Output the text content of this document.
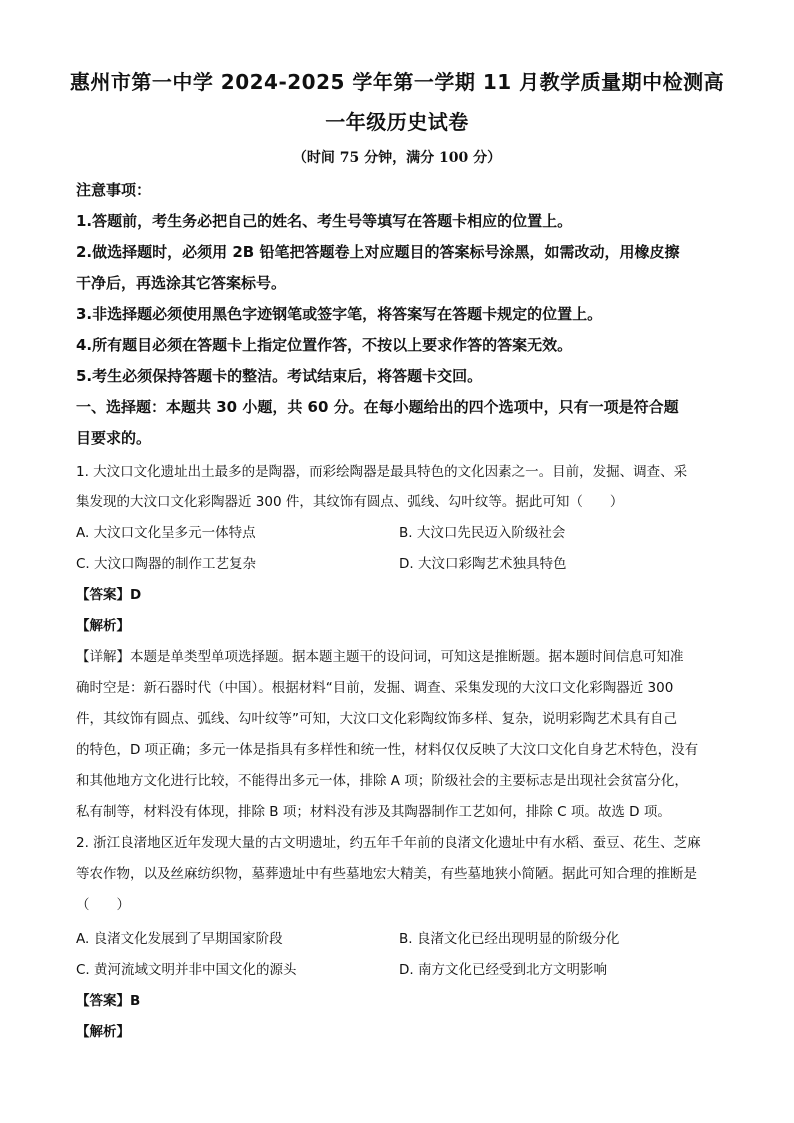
惠州市第一中学 2024-2025 学年第一学期 11 月教学质量期中检测高
一年级历史试卷
（时间 75 分钟，满分 100 分）
注意事项：
1.答题前，考生务必把自己的姓名、考生号等填写在答题卡相应的位置上。
2.做选择题时，必须用 2B 铅笔把答题卷上对应题目的答案标号涂黑，如需改动，用橡皮擦
干净后，再选涂其它答案标号。
3.非选择题必须使用黑色字迹钢笔或签字笔，将答案写在答题卡规定的位置上。
4.所有题目必须在答题卡上指定位置作答，不按以上要求作答的答案无效。
5.考生必须保持答题卡的整洁。考试结束后，将答题卡交回。
一、选择题：本题共 30 小题，共 60 分。在每小题给出的四个选项中，只有一项是符合题
目要求的。
1. 大汶口文化遗址出土最多的是陶器，而彩绘陶器是最具特色的文化因素之一。目前，发掘、调查、采
集发现的大汶口文化彩陶器近 300 件，其纹饰有圆点、弧线、勾叶纹等。据此可知（　　）
A. 大汶口文化呈多元一体特点	B. 大汶口先民迈入阶级社会
C. 大汶口陶器的制作工艺复杂	D. 大汶口彩陶艺术独具特色
【答案】D
【解析】
【详解】本题是单类型单项选择题。据本题主题干的设问词，可知这是推断题。据本题时间信息可知准
确时空是：新石器时代（中国）。根据材料“目前，发掘、调查、采集发现的大汶口文化彩陶器近 300
件，其纹饰有圆点、弧线、勾叶纹等”可知，大汶口文化彩陶纹饰多样、复杂，说明彩陶艺术具有自己
的特色，D 项正确；多元一体是指具有多样性和统一性，材料仅仅反映了大汶口文化自身艺术特色，没有
和其他地方文化进行比较，不能得出多元一体，排除 A 项；阶级社会的主要标志是出现社会贫富分化，
私有制等，材料没有体现，排除 B 项；材料没有涉及其陶器制作工艺如何，排除 C 项。故选 D 项。
2. 浙江良渚地区近年发现大量的古文明遗址，约五年千年前的良渚文化遗址中有水稻、蚕豆、花生、芝麻
等农作物，以及丝麻纺织物，墓葬遗址中有些墓地宏大精美，有些墓地狭小简陋。据此可知合理的推断是
（　　）
A. 良渚文化发展到了早期国家阶段	B. 良渚文化已经出现明显的阶级分化
C. 黄河流域文明并非中国文化的源头	D. 南方文化已经受到北方文明影响
【答案】B
【解析】
